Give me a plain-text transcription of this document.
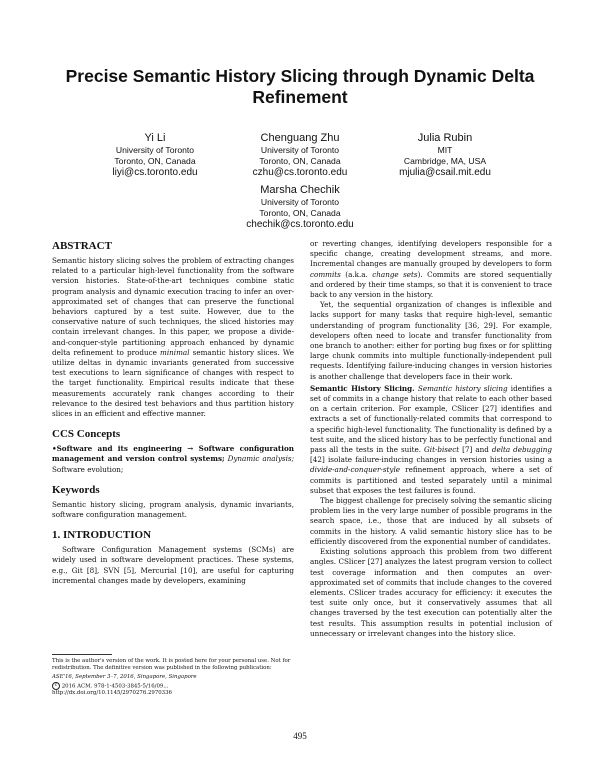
Precise Semantic History Slicing through Dynamic Delta Refinement
Yi Li
University of Toronto
Toronto, ON, Canada
liyi@cs.toronto.edu
Chenguang Zhu
University of Toronto
Toronto, ON, Canada
czhu@cs.toronto.edu
Julia Rubin
MIT
Cambridge, MA, USA
mjulia@csail.mit.edu
Marsha Chechik
University of Toronto
Toronto, ON, Canada
chechik@cs.toronto.edu
ABSTRACT

Semantic history slicing solves the problem of extracting changes related to a particular high-level functionality from the software version histories. State-of-the-art techniques combine static program analysis and dynamic execution tracing to infer an over-approximated set of changes that can preserve the functional behaviors captured by a test suite. However, due to the conservative nature of such techniques, the sliced histories may contain irrelevant changes. In this paper, we propose a divide-and-conquer-style partitioning approach enhanced by dynamic delta refinement to produce minimal semantic history slices. We utilize deltas in dynamic invariants generated from successive test executions to learn significance of changes with respect to the target functionality. Empirical results indicate that these measurements accurately rank changes according to their relevance to the desired test behaviors and thus partition history slices in an efficient and effective manner.

CCS Concepts

•Software and its engineering → Software configuration management and version control systems; Dynamic analysis; Software evolution;

Keywords

Semantic history slicing, program analysis, dynamic invariants, software configuration management.

1. INTRODUCTION

Software Configuration Management systems (SCMs) are widely used in software development practices. These systems, e.g., Git [8], SVN [5], Mercurial [10], are useful for capturing incremental changes made by developers, examining

This is the author's version of the work. It is posted here for your personal use. Not for redistribution. The definitive version was published in the following publication:
ASE'16, September 3–7, 2016, Singapore, Singapore
c 2016 ACM. 978-1-4503-3845-5/16/09...
http://dx.doi.org/10.1145/2970276.2970336

or reverting changes, identifying developers responsible for a specific change, creating development streams, and more. Incremental changes are manually grouped by developers to form commits (a.k.a. change sets). Commits are stored sequentially and ordered by their time stamps, so that it is convenient to trace back to any version in the history.

Yet, the sequential organization of changes is inflexible and lacks support for many tasks that require high-level, semantic understanding of program functionality [36, 29]. For example, developers often need to locate and transfer functionality from one branch to another: either for porting bug fixes or for splitting large chunk commits into multiple functionally-independent pull requests. Identifying failure-inducing changes in version histories is another challenge that developers face in their work.

Semantic History Slicing. Semantic history slicing identifies a set of commits in a change history that relate to each other based on a certain criterion. For example, CSlicer [27] identifies and extracts a set of functionally-related commits that correspond to a specific high-level functionality. The functionality is defined by a test suite, and the sliced history has to be perfectly functional and pass all the tests in the suite. Git-bisect [7] and delta debugging [42] isolate failure-inducing changes in version histories using a divide-and-conquer-style refinement approach, where a set of commits is partitioned and tested separately until a minimal subset that exposes the test failures is found.

The biggest challenge for precisely solving the semantic slicing problem lies in the very large number of possible programs in the search space, i.e., those that are induced by all subsets of commits in the history. A valid semantic history slice has to be efficiently discovered from the exponential number of candidates.

Existing solutions approach this problem from two different angles. CSlicer [27] analyzes the latest program version to collect test coverage information and then computes an over-approximated set of commits that include changes to the covered elements. CSlicer trades accuracy for efficiency: it executes the test suite only once, but it conservatively assumes that all changes traversed by the test execution can potentially alter the test results. This assumption results in potential inclusion of unnecessary or irrelevant changes into the history slice.

495
